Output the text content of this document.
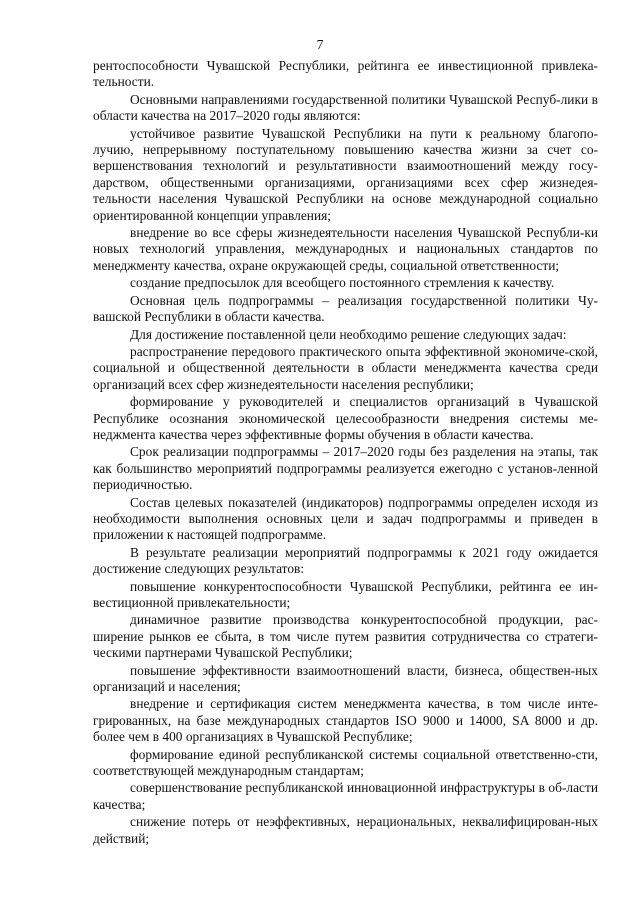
7

рентоспособности Чувашской Республики, рейтинга ее инвестиционной привлека-тельности.

Основными направлениями государственной политики Чувашской Респуб-лики в области качества на 2017–2020 годы являются:

устойчивое развитие Чувашской Республики на пути к реальному благопо-лучию, непрерывному поступательному повышению качества жизни за счет со-вершенствования технологий и результативности взаимоотношений между госу-дарством, общественными организациями, организациями всех сфер жизнедея-тельности населения Чувашской Республики на основе международной социально ориентированной концепции управления;

внедрение во все сферы жизнедеятельности населения Чувашской Республи-ки новых технологий управления, международных и национальных стандартов по менеджменту качества, охране окружающей среды, социальной ответственности;

создание предпосылок для всеобщего постоянного стремления к качеству.

Основная цель подпрограммы – реализация государственной политики Чу-вашской Республики в области качества.

Для достижение поставленной цели необходимо решение следующих задач:

распространение передового практического опыта эффективной экономиче-ской, социальной и общественной деятельности в области менеджмента качества среди организаций всех сфер жизнедеятельности населения республики;

формирование у руководителей и специалистов организаций в Чувашской Республике осознания экономической целесообразности внедрения системы ме-неджмента качества через эффективные формы обучения в области качества.

Срок реализации подпрограммы – 2017–2020 годы без разделения на этапы, так как большинство мероприятий подпрограммы реализуется ежегодно с установ-ленной периодичностью.

Состав целевых показателей (индикаторов) подпрограммы определен исходя из необходимости выполнения основных цели и задач подпрограммы и приведен в приложении к настоящей подпрограмме.

В результате реализации мероприятий подпрограммы к 2021 году ожидается достижение следующих результатов:

повышение конкурентоспособности Чувашской Республики, рейтинга ее ин-вестиционной привлекательности;

динамичное развитие производства конкурентоспособной продукции, рас-ширение рынков ее сбыта, в том числе путем развития сотрудничества со стратеги-ческими партнерами Чувашской Республики;

повышение эффективности взаимоотношений власти, бизнеса, обществен-ных организаций и населения;

внедрение и сертификация систем менеджмента качества, в том числе инте-грированных, на базе международных стандартов ISO 9000 и 14000, SA 8000 и др. более чем в 400 организациях в Чувашской Республике;

формирование единой республиканской системы социальной ответственно-сти, соответствующей международным стандартам;

совершенствование республиканской инновационной инфраструктуры в об-ласти качества;

снижение потерь от неэффективных, нерациональных, неквалифицирован-ных действий;
